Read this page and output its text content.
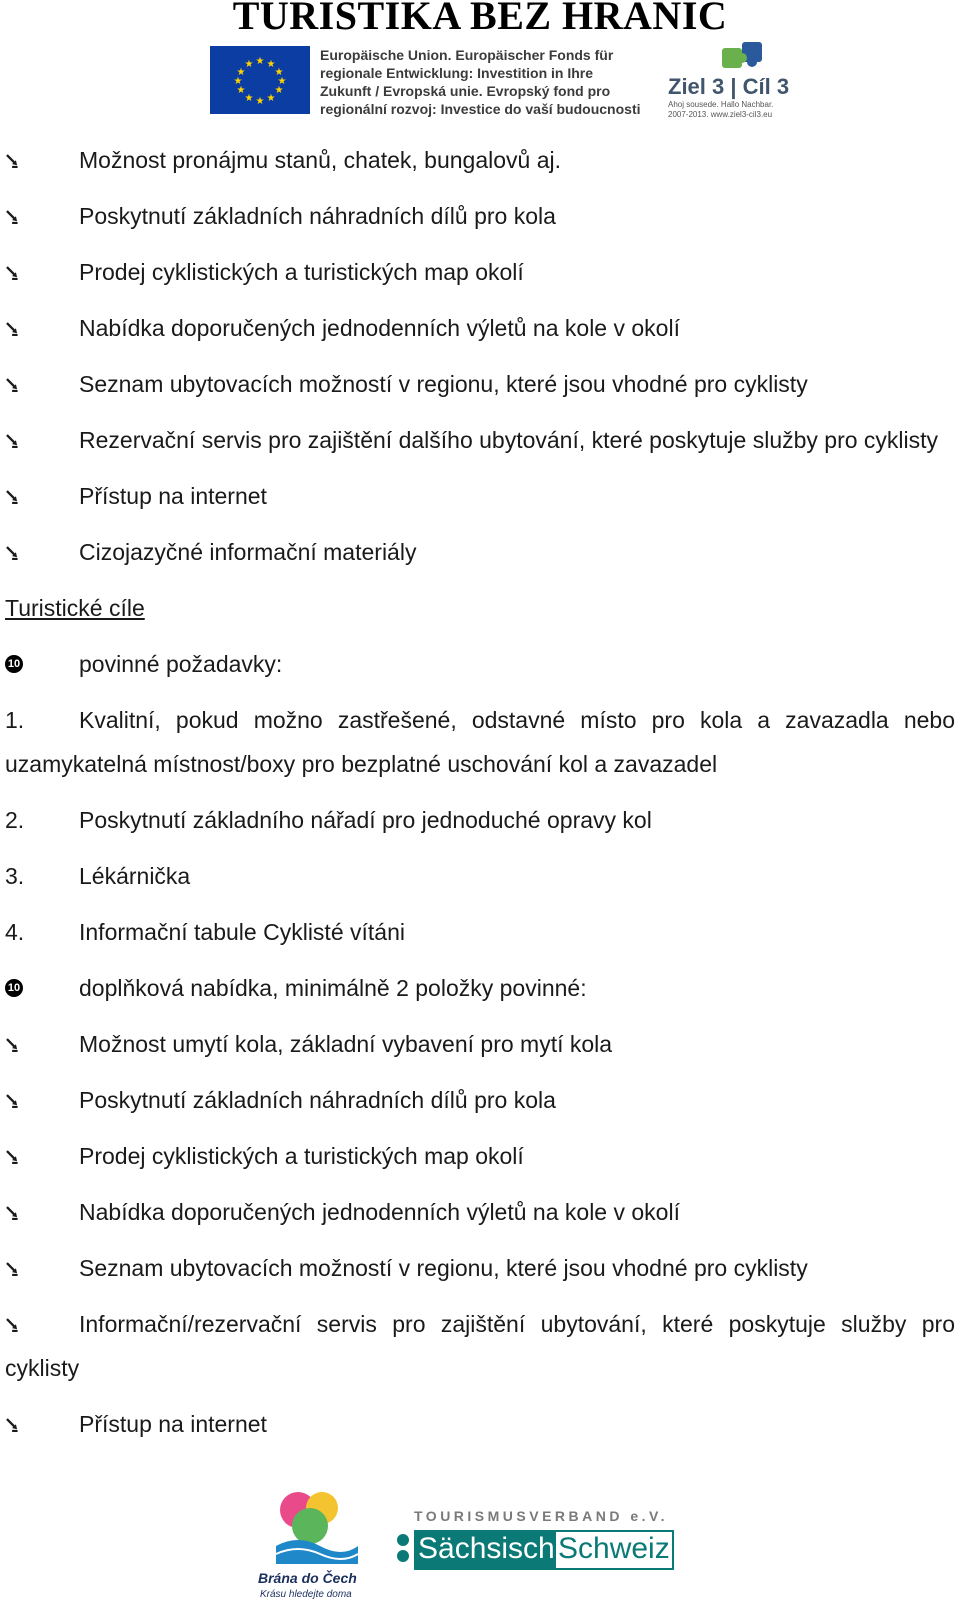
TURISTIKA BEZ HRANIC
★ ★
★
★
★
★
★
★
★
★
★
★
Europäische Union. Europäischer Fonds für
regionale Entwicklung: Investition in Ihre
Zukunft / Evropská unie. Evropský fond pro
regionální rozvoj: Investice do vaší budoucnosti
Ziel 3 | Cíl 3
Ahoj sousede. Hallo Nachbar.
2007-2013. www.ziel3-cil3.eu
⭸	Možnost pronájmu stanů, chatek, bungalovů aj.
⭸	Poskytnutí základních náhradních dílů pro kola
⭸	Prodej cyklistických a turistických map okolí
⭸	Nabídka doporučených jednodenních výletů na kole v okolí
⭸	Seznam ubytovacích možností v regionu, které jsou vhodné pro cyklisty
⭸	Rezervační servis pro zajištění dalšího ubytování, které poskytuje služby pro cyklisty
⭸	Přístup na internet
⭸	Cizojazyčné informační materiály
Turistické cíle
10	povinné požadavky:
1.	Kvalitní, pokud možno zastřešené, odstavné místo pro kola a zavazadla nebo uzamykatelná místnost/boxy pro bezplatné uschování kol a zavazadel
2.	Poskytnutí základního nářadí pro jednoduché opravy kol
3.	Lékárnička
4.	Informační tabule Cyklisté vítáni
10	doplňková nabídka, minimálně 2 položky povinné:
⭸	Možnost umytí kola, základní vybavení pro mytí kola
⭸	Poskytnutí základních náhradních dílů pro kola
⭸	Prodej cyklistických a turistických map okolí
⭸	Nabídka doporučených jednodenních výletů na kole v okolí
⭸	Seznam ubytovacích možností v regionu, které jsou vhodné pro cyklisty
⭸	Informační/rezervační servis pro zajištění ubytování, které poskytuje služby pro cyklisty
⭸	Přístup na internet
Brána do Čech
Krásu hledejte doma
TOURISMUSVERBAND e.V.
Sächsische
Schweiz
